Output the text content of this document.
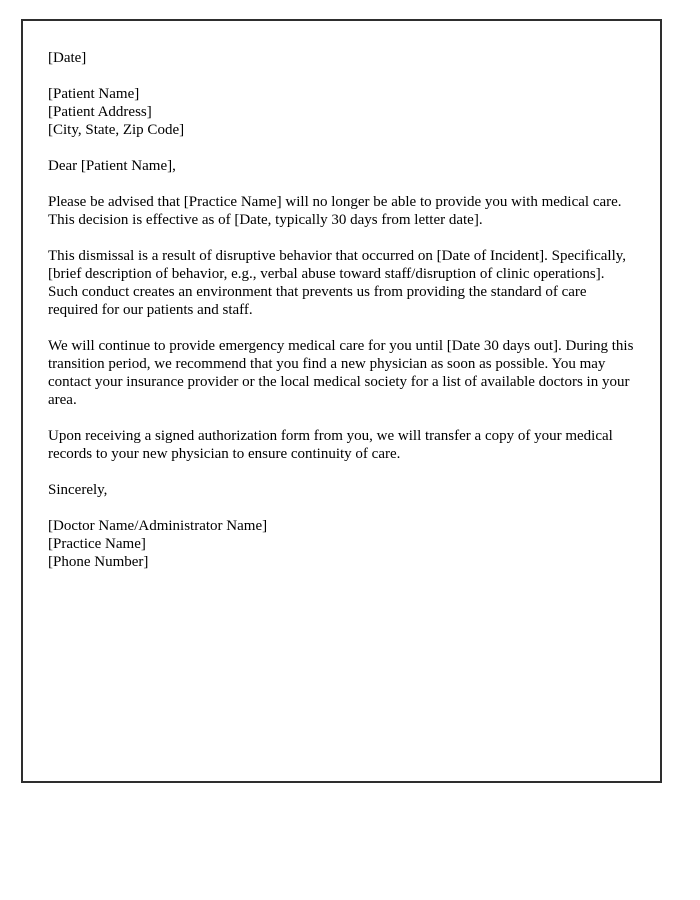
[Date]

[Patient Name]

[Patient Address]

[City, State, Zip Code]

Dear [Patient Name],

Please be advised that [Practice Name] will no longer be able to provide you with medical care. This decision is effective as of [Date, typically 30 days from letter date].

This dismissal is a result of disruptive behavior that occurred on [Date of Incident]. Specifically, [brief description of behavior, e.g., verbal abuse toward staff/disruption of clinic operations]. Such conduct creates an environment that prevents us from providing the standard of care required for our patients and staff.

We will continue to provide emergency medical care for you until [Date 30 days out]. During this transition period, we recommend that you find a new physician as soon as possible. You may contact your insurance provider or the local medical society for a list of available doctors in your area.

Upon receiving a signed authorization form from you, we will transfer a copy of your medical records to your new physician to ensure continuity of care.

Sincerely,

[Doctor Name/Administrator Name]

[Practice Name]

[Phone Number]
